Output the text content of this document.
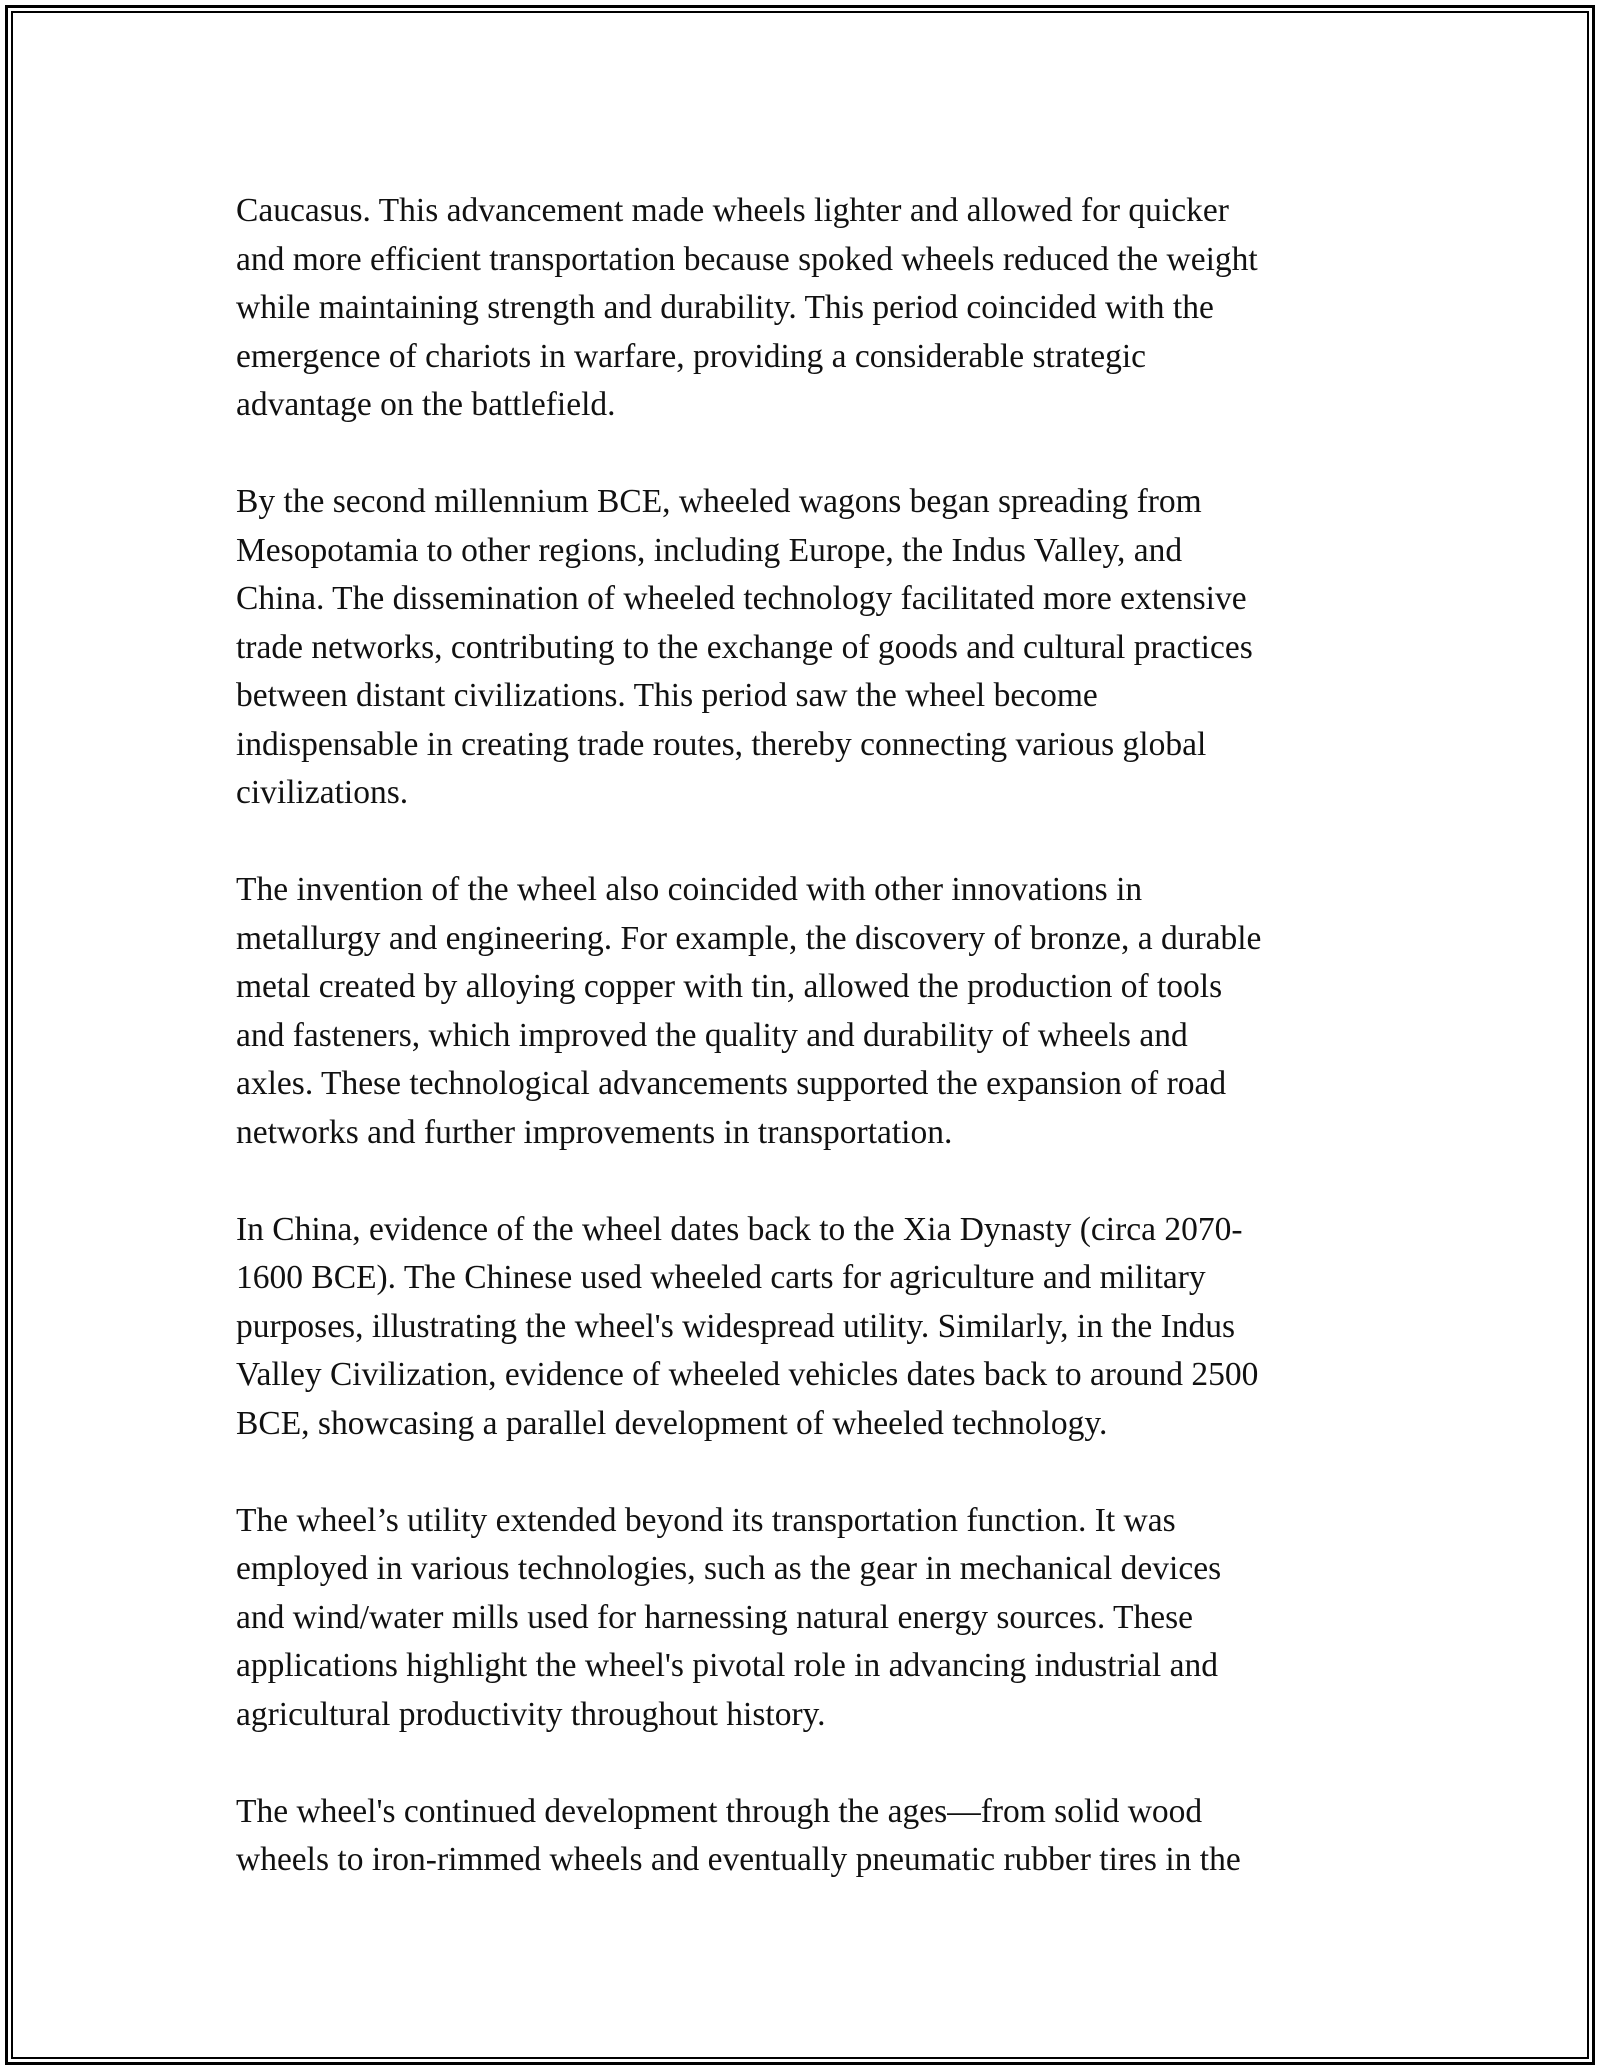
Caucasus. This advancement made wheels lighter and allowed for quicker
and more efficient transportation because spoked wheels reduced the weight
while maintaining strength and durability. This period coincided with the
emergence of chariots in warfare, providing a considerable strategic
advantage on the battlefield.

By the second millennium BCE, wheeled wagons began spreading from
Mesopotamia to other regions, including Europe, the Indus Valley, and
China. The dissemination of wheeled technology facilitated more extensive
trade networks, contributing to the exchange of goods and cultural practices
between distant civilizations. This period saw the wheel become
indispensable in creating trade routes, thereby connecting various global
civilizations.

The invention of the wheel also coincided with other innovations in
metallurgy and engineering. For example, the discovery of bronze, a durable
metal created by alloying copper with tin, allowed the production of tools
and fasteners, which improved the quality and durability of wheels and
axles. These technological advancements supported the expansion of road
networks and further improvements in transportation.

In China, evidence of the wheel dates back to the Xia Dynasty (circa 2070-
1600 BCE). The Chinese used wheeled carts for agriculture and military
purposes, illustrating the wheel's widespread utility. Similarly, in the Indus
Valley Civilization, evidence of wheeled vehicles dates back to around 2500
BCE, showcasing a parallel development of wheeled technology.

The wheel’s utility extended beyond its transportation function. It was
employed in various technologies, such as the gear in mechanical devices
and wind/water mills used for harnessing natural energy sources. These
applications highlight the wheel's pivotal role in advancing industrial and
agricultural productivity throughout history.

The wheel's continued development through the ages—from solid wood
wheels to iron-rimmed wheels and eventually pneumatic rubber tires in the
